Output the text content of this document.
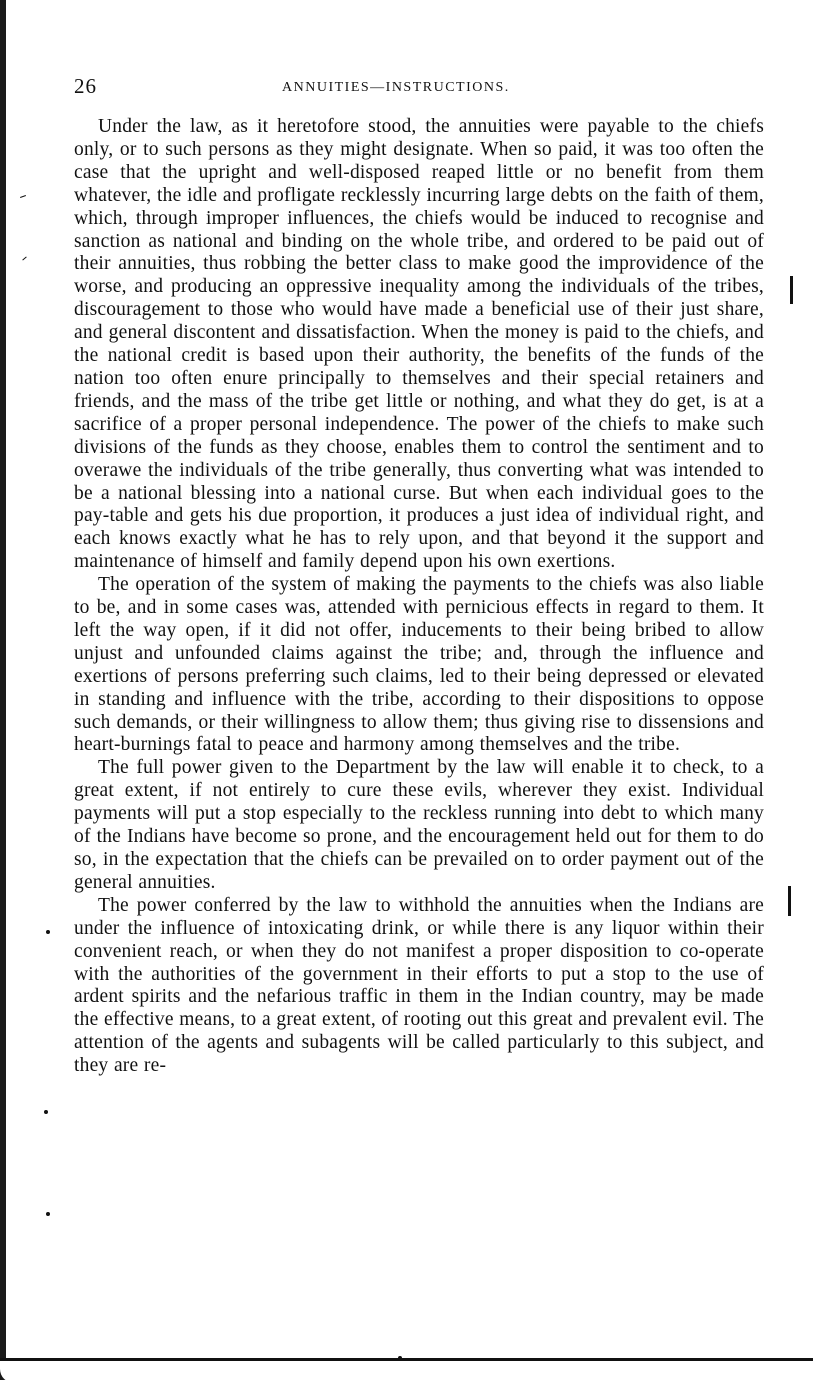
26	ANNUITIES—INSTRUCTIONS.

Under the law, as it heretofore stood, the annuities were payable to the chiefs only, or to such persons as they might designate. When so paid, it was too often the case that the upright and well-disposed reaped little or no benefit from them whatever, the idle and profligate recklessly incurring large debts on the faith of them, which, through improper influences, the chiefs would be induced to recognise and sanction as national and binding on the whole tribe, and ordered to be paid out of their annuities, thus robbing the better class to make good the improvidence of the worse, and producing an oppressive inequality among the individuals of the tribes, discouragement to those who would have made a beneficial use of their just share, and general discontent and dissatisfaction. When the money is paid to the chiefs, and the national credit is based upon their authority, the benefits of the funds of the nation too often enure principally to themselves and their special retainers and friends, and the mass of the tribe get little or nothing, and what they do get, is at a sacrifice of a proper personal independence. The power of the chiefs to make such divisions of the funds as they choose, enables them to control the sentiment and to overawe the individuals of the tribe generally, thus converting what was intended to be a national blessing into a national curse. But when each individual goes to the pay-table and gets his due proportion, it produces a just idea of individual right, and each knows exactly what he has to rely upon, and that beyond it the support and maintenance of himself and family depend upon his own exertions.

The operation of the system of making the payments to the chiefs was also liable to be, and in some cases was, attended with pernicious effects in regard to them. It left the way open, if it did not offer, inducements to their being bribed to allow unjust and unfounded claims against the tribe; and, through the influence and exertions of persons preferring such claims, led to their being depressed or elevated in standing and influence with the tribe, according to their dispositions to oppose such demands, or their willingness to allow them; thus giving rise to dissensions and heart-burnings fatal to peace and harmony among themselves and the tribe.

The full power given to the Department by the law will enable it to check, to a great extent, if not entirely to cure these evils, wherever they exist. Individual payments will put a stop especially to the reckless running into debt to which many of the Indians have become so prone, and the encouragement held out for them to do so, in the expectation that the chiefs can be prevailed on to order payment out of the general annuities.

The power conferred by the law to withhold the annuities when the Indians are under the influence of intoxicating drink, or while there is any liquor within their convenient reach, or when they do not manifest a proper disposition to co-operate with the authorities of the government in their efforts to put a stop to the use of ardent spirits and the nefarious traffic in them in the Indian country, may be made the effective means, to a great extent, of rooting out this great and prevalent evil. The attention of the agents and subagents will be called particularly to this subject, and they are re-
